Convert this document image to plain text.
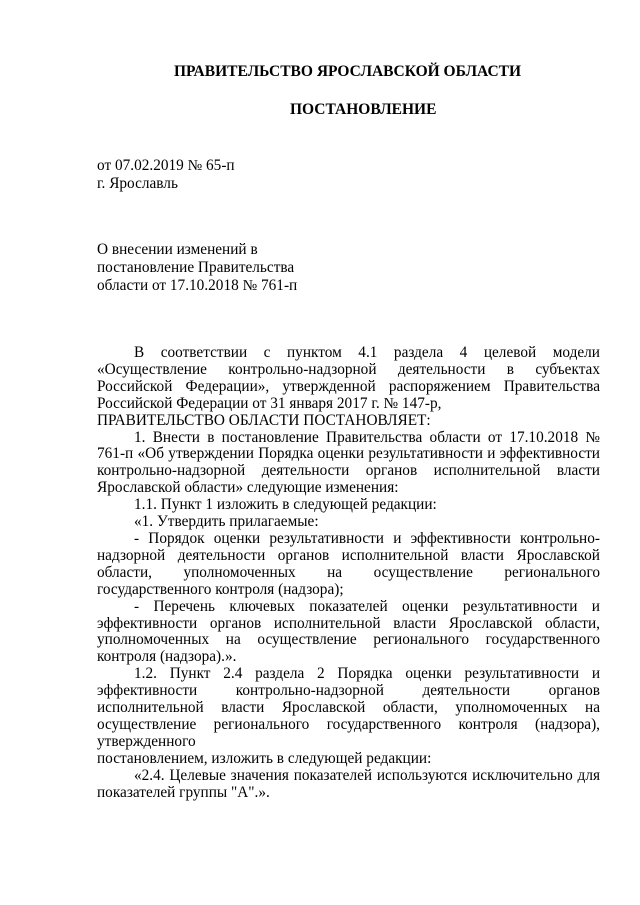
ПРАВИТЕЛЬСТВО ЯРОСЛАВСКОЙ ОБЛАСТИ
ПОСТАНОВЛЕНИЕ
от 07.02.2019 № 65-п
г. Ярославль
О внесении изменений в
постановление Правительства
области от 17.10.2018 № 761-п

В соответствии с пунктом 4.1 раздела 4 целевой модели «Осуществление контрольно-надзорной деятельности в субъектах Российской Федерации», утвержденной распоряжением Правительства Российской Федерации от 31 января 2017 г. № 147-р,

ПРАВИТЕЛЬСТВО ОБЛАСТИ ПОСТАНОВЛЯЕТ:

1. Внести в постановление Правительства области от 17.10.2018 № 761-п «Об утверждении Порядка оценки результативности и эффективности контрольно-надзорной деятельности органов исполнительной власти Ярославской области» следующие изменения:

1.1. Пункт 1 изложить в следующей редакции:

«1. Утвердить прилагаемые:

- Порядок оценки результативности и эффективности контрольно-надзорной деятельности органов исполнительной власти Ярославской области, уполномоченных на осуществление регионального государственного контроля (надзора);

- Перечень ключевых показателей оценки результативности и эффективности органов исполнительной власти Ярославской области, уполномоченных на осуществление регионального государственного контроля (надзора).».

1.2. Пункт 2.4 раздела 2 Порядка оценки результативности и эффективности контрольно-надзорной деятельности органов исполнительной власти Ярославской области, уполномоченных на осуществление регионального государственного контроля (надзора), утвержденного

постановлением, изложить в следующей редакции:

«2.4. Целевые значения показателей используются исключительно для показателей группы "А".».
